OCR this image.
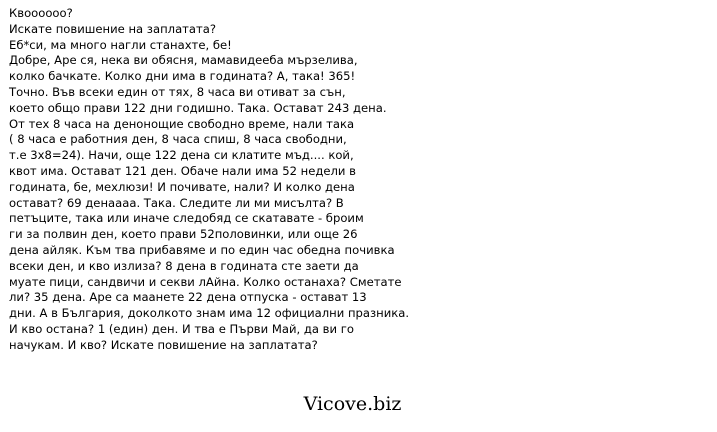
Квоооооо?
Искате повишение на заплатата?
Еб*си, ма много нагли станахте, бе!
Добре, Аре ся, нека ви обясня, мамавидееба мързелива,
колко бачкате. Колко дни има в годината? А, така! 365!
Точно. Във всеки един от тях, 8 часа ви отиват за сън,
което общо прави 122 дни годишно. Така. Остават 243 дена.
От тех 8 часа на денонощие свободно време, нали така
( 8 часа е работния ден, 8 часа спиш, 8 часа свободни,
т.е 3х8=24). Начи, още 122 дена си клатите мъд.... кой,
квот има. Остават 121 ден. Обаче нали има 52 недели в
годината, бе, мехлюзи! И почивате, нали? И колко дена
остават? 69 денаааа. Така. Следите ли ми мисълта? В
петъците, така или иначе следобяд се скатавате - броим
ги за полвин ден, което прави 52половинки, или още 26
дена айляк. Към тва прибавяме и по един час обедна почивка
всеки ден, и кво излиза? 8 дена в годината сте заети да
муате пици, сандвичи и секви лАйна. Колко останаха? Сметате
ли? 35 дена. Аре са маанете 22 дена отпуска - остават 13
дни. А в България, доколкото знам има 12 официални празника.
И кво остана? 1 (един) ден. И тва е Първи Май, да ви го
начукам. И кво? Искате повишение на заплатата?
Vicove.biz
